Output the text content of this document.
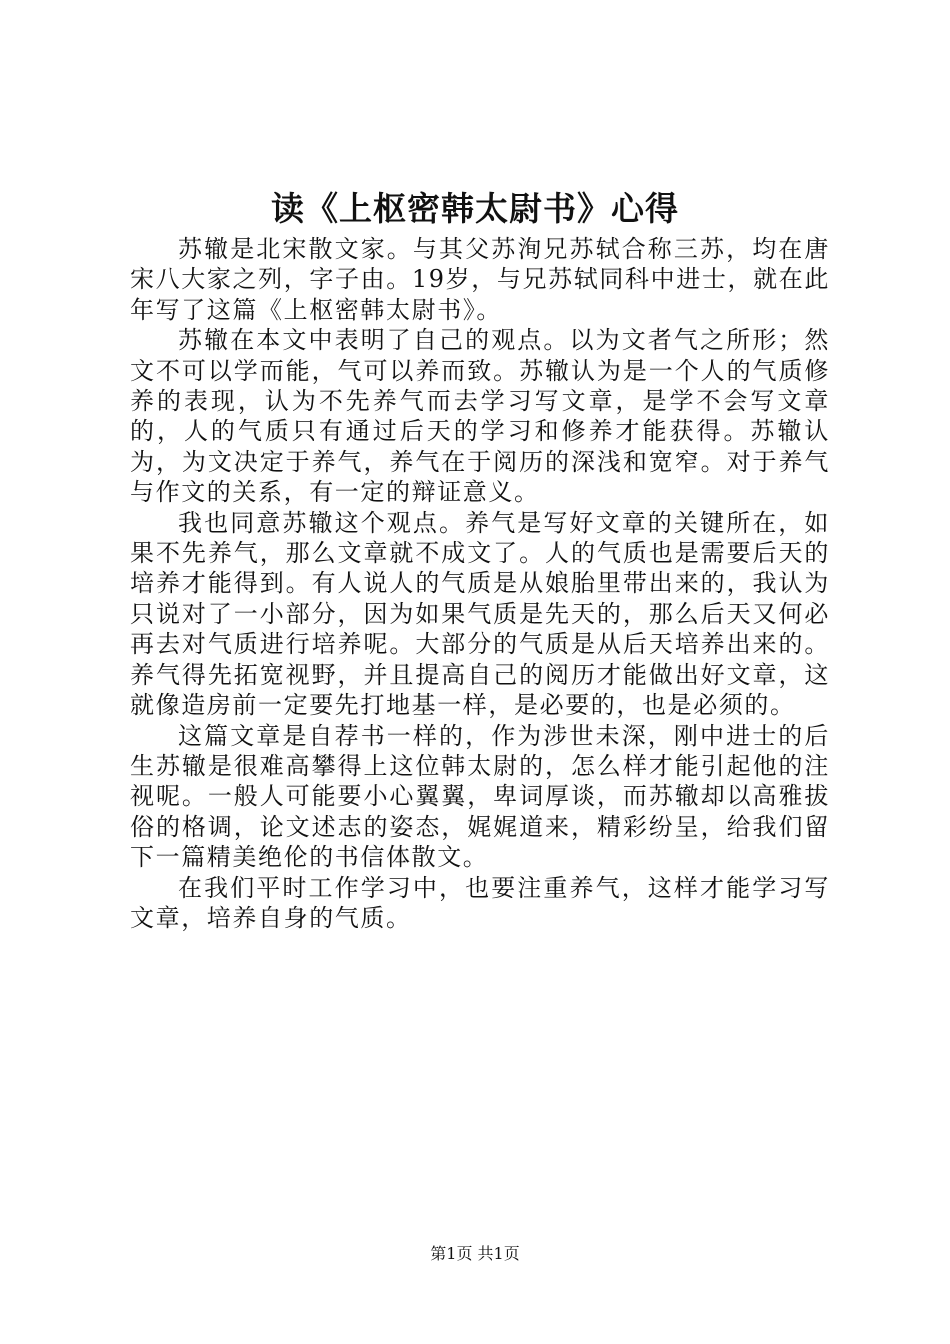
读《上枢密韩太尉书》心得

苏辙是北宋散文家。与其父苏洵兄苏轼合称三苏，均在唐宋八大家之列，字子由。19岁，与兄苏轼同科中进士，就在此年写了这篇《上枢密韩太尉书》。

苏辙在本文中表明了自己的观点。以为文者气之所形；然文不可以学而能，气可以养而致。苏辙认为是一个人的气质修养的表现，认为不先养气而去学习写文章，是学不会写文章的，人的气质只有通过后天的学习和修养才能获得。苏辙认为，为文决定于养气，养气在于阅历的深浅和宽窄。对于养气与作文的关系，有一定的辩证意义。

我也同意苏辙这个观点。养气是写好文章的关键所在，如果不先养气，那么文章就不成文了。人的气质也是需要后天的培养才能得到。有人说人的气质是从娘胎里带出来的，我认为只说对了一小部分，因为如果气质是先天的，那么后天又何必再去对气质进行培养呢。大部分的气质是从后天培养出来的。养气得先拓宽视野，并且提高自己的阅历才能做出好文章，这就像造房前一定要先打地基一样，是必要的，也是必须的。

这篇文章是自荐书一样的，作为涉世未深，刚中进士的后生苏辙是很难高攀得上这位韩太尉的，怎么样才能引起他的注视呢。一般人可能要小心翼翼，卑词厚谈，而苏辙却以高雅拔俗的格调，论文述志的姿态，娓娓道来，精彩纷呈，给我们留下一篇精美绝伦的书信体散文。

在我们平时工作学习中，也要注重养气，这样才能学习写文章，培养自身的气质。

第1页 共1页
